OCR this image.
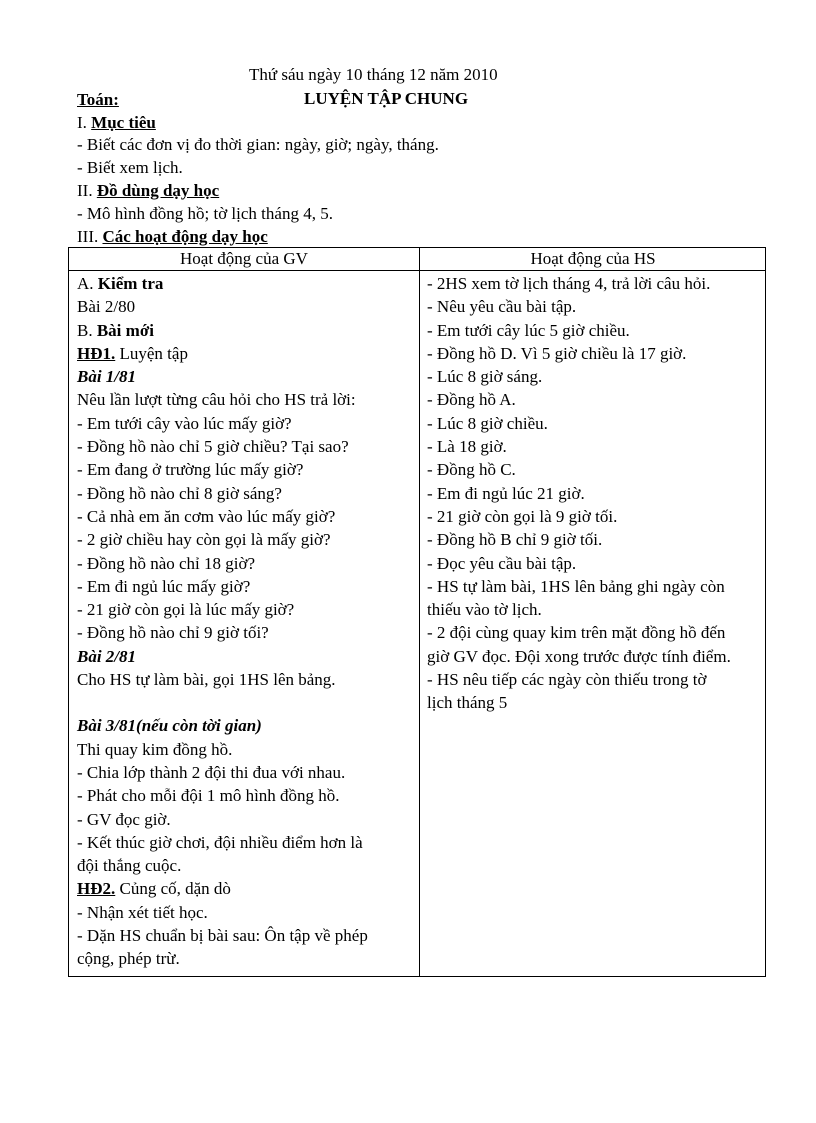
Thứ sáu ngày 10 tháng 12 năm 2010
Toán:	LUYỆN TẬP CHUNG
I. Mục tiêu
- Biết các đơn vị đo thời gian: ngày, giờ; ngày, tháng.
- Biết xem lịch.
II. Đồ dùng dạy học
- Mô hình đồng hồ; tờ lịch tháng 4, 5.
III. Các hoạt động dạy học
Hoạt động của GV	Hoạt động của HS
A. Kiểm tra
Bài 2/80
B. Bài mới
HĐ1. Luyện tập
Bài 1/81
Nêu lần lượt từng câu hỏi cho HS trả lời:
- Em tưới cây vào lúc mấy giờ?
- Đồng hồ nào chỉ 5 giờ chiều? Tại sao?
- Em đang ở trường lúc mấy giờ?
- Đồng hồ nào chỉ 8 giờ sáng?
- Cả nhà em ăn cơm vào lúc mấy giờ?
- 2 giờ chiều hay còn gọi là mấy giờ?
- Đồng hồ nào chỉ 18 giờ?
- Em đi ngủ lúc mấy giờ?
- 21 giờ còn gọi là lúc mấy giờ?
- Đồng hồ nào chỉ 9 giờ tối?
Bài 2/81
Cho HS tự làm bài, gọi 1HS lên bảng.
Bài 3/81(nếu còn tời gian)
Thi quay kim đồng hồ.
- Chia lớp thành 2 đội thi đua với nhau.
- Phát cho mỗi đội 1 mô hình đồng hồ.
- GV đọc giờ.
- Kết thúc giờ chơi, đội nhiều điểm hơn là
đội thắng cuộc.
HĐ2. Củng cố, dặn dò
- Nhận xét tiết học.
- Dặn HS chuẩn bị bài sau: Ôn tập về phép
cộng, phép trừ.
- 2HS xem tờ lịch tháng 4, trả lời câu hỏi.
- Nêu yêu cầu bài tập.
- Em tưới cây lúc 5 giờ chiều.
- Đồng hồ D. Vì 5 giờ chiều là 17 giờ.
- Lúc 8 giờ sáng.
- Đồng hồ A.
- Lúc 8 giờ chiều.
- Là 18 giờ.
- Đồng hồ C.
- Em đi ngủ lúc 21 giờ.
- 21 giờ còn gọi là 9 giờ tối.
- Đồng hồ B chỉ 9 giờ tối.
- Đọc yêu cầu bài tập.
- HS tự làm bài, 1HS lên bảng ghi ngày còn
thiếu vào tờ lịch.
- 2 đội cùng quay kim trên mặt đồng hồ đến
giờ GV đọc. Đội xong trước được tính điểm.
- HS nêu tiếp các ngày còn thiếu trong tờ
lịch tháng 5
